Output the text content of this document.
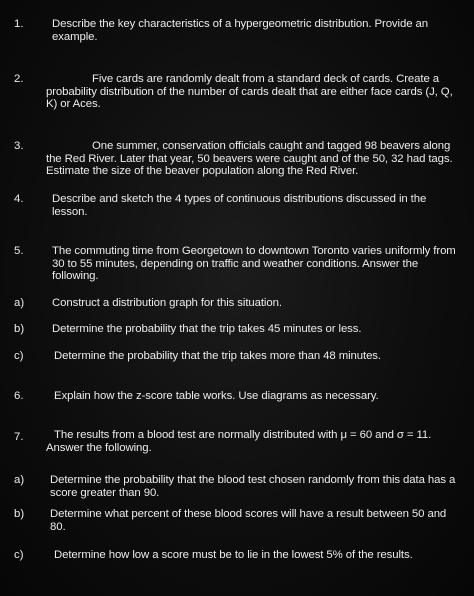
1.	Describe the key characteristics of a hypergeometric distribution. Provide an example.
2.	Five cards are randomly dealt from a standard deck of cards. Create a probability distribution of the number of cards dealt that are either face cards (J, Q, K) or Aces.
3.	One summer, conservation officials caught and tagged 98 beavers along the Red River. Later that year, 50 beavers were caught and of the 50, 32 had tags. Estimate the size of the beaver population along the Red River.
4.	Describe and sketch the 4 types of continuous distributions discussed in the lesson.
5.	The commuting time from Georgetown to downtown Toronto varies uniformly from 30 to 55 minutes, depending on traffic and weather conditions. Answer the following.
a) Construct a distribution graph for this situation.
b) Determine the probability that the trip takes 45 minutes or less.
c)	Determine the probability that the trip takes more than 48 minutes.
6.	Explain how the z-score table works. Use diagrams as necessary.
7.	The results from a blood test are normally distributed with μ = 60 and σ = 11. Answer the following.
a) Determine the probability that the blood test chosen randomly from this data has a score greater than 90.
b) Determine what percent of these blood scores will have a result between 50 and 80.
c)	Determine how low a score must be to lie in the lowest 5% of the results.
